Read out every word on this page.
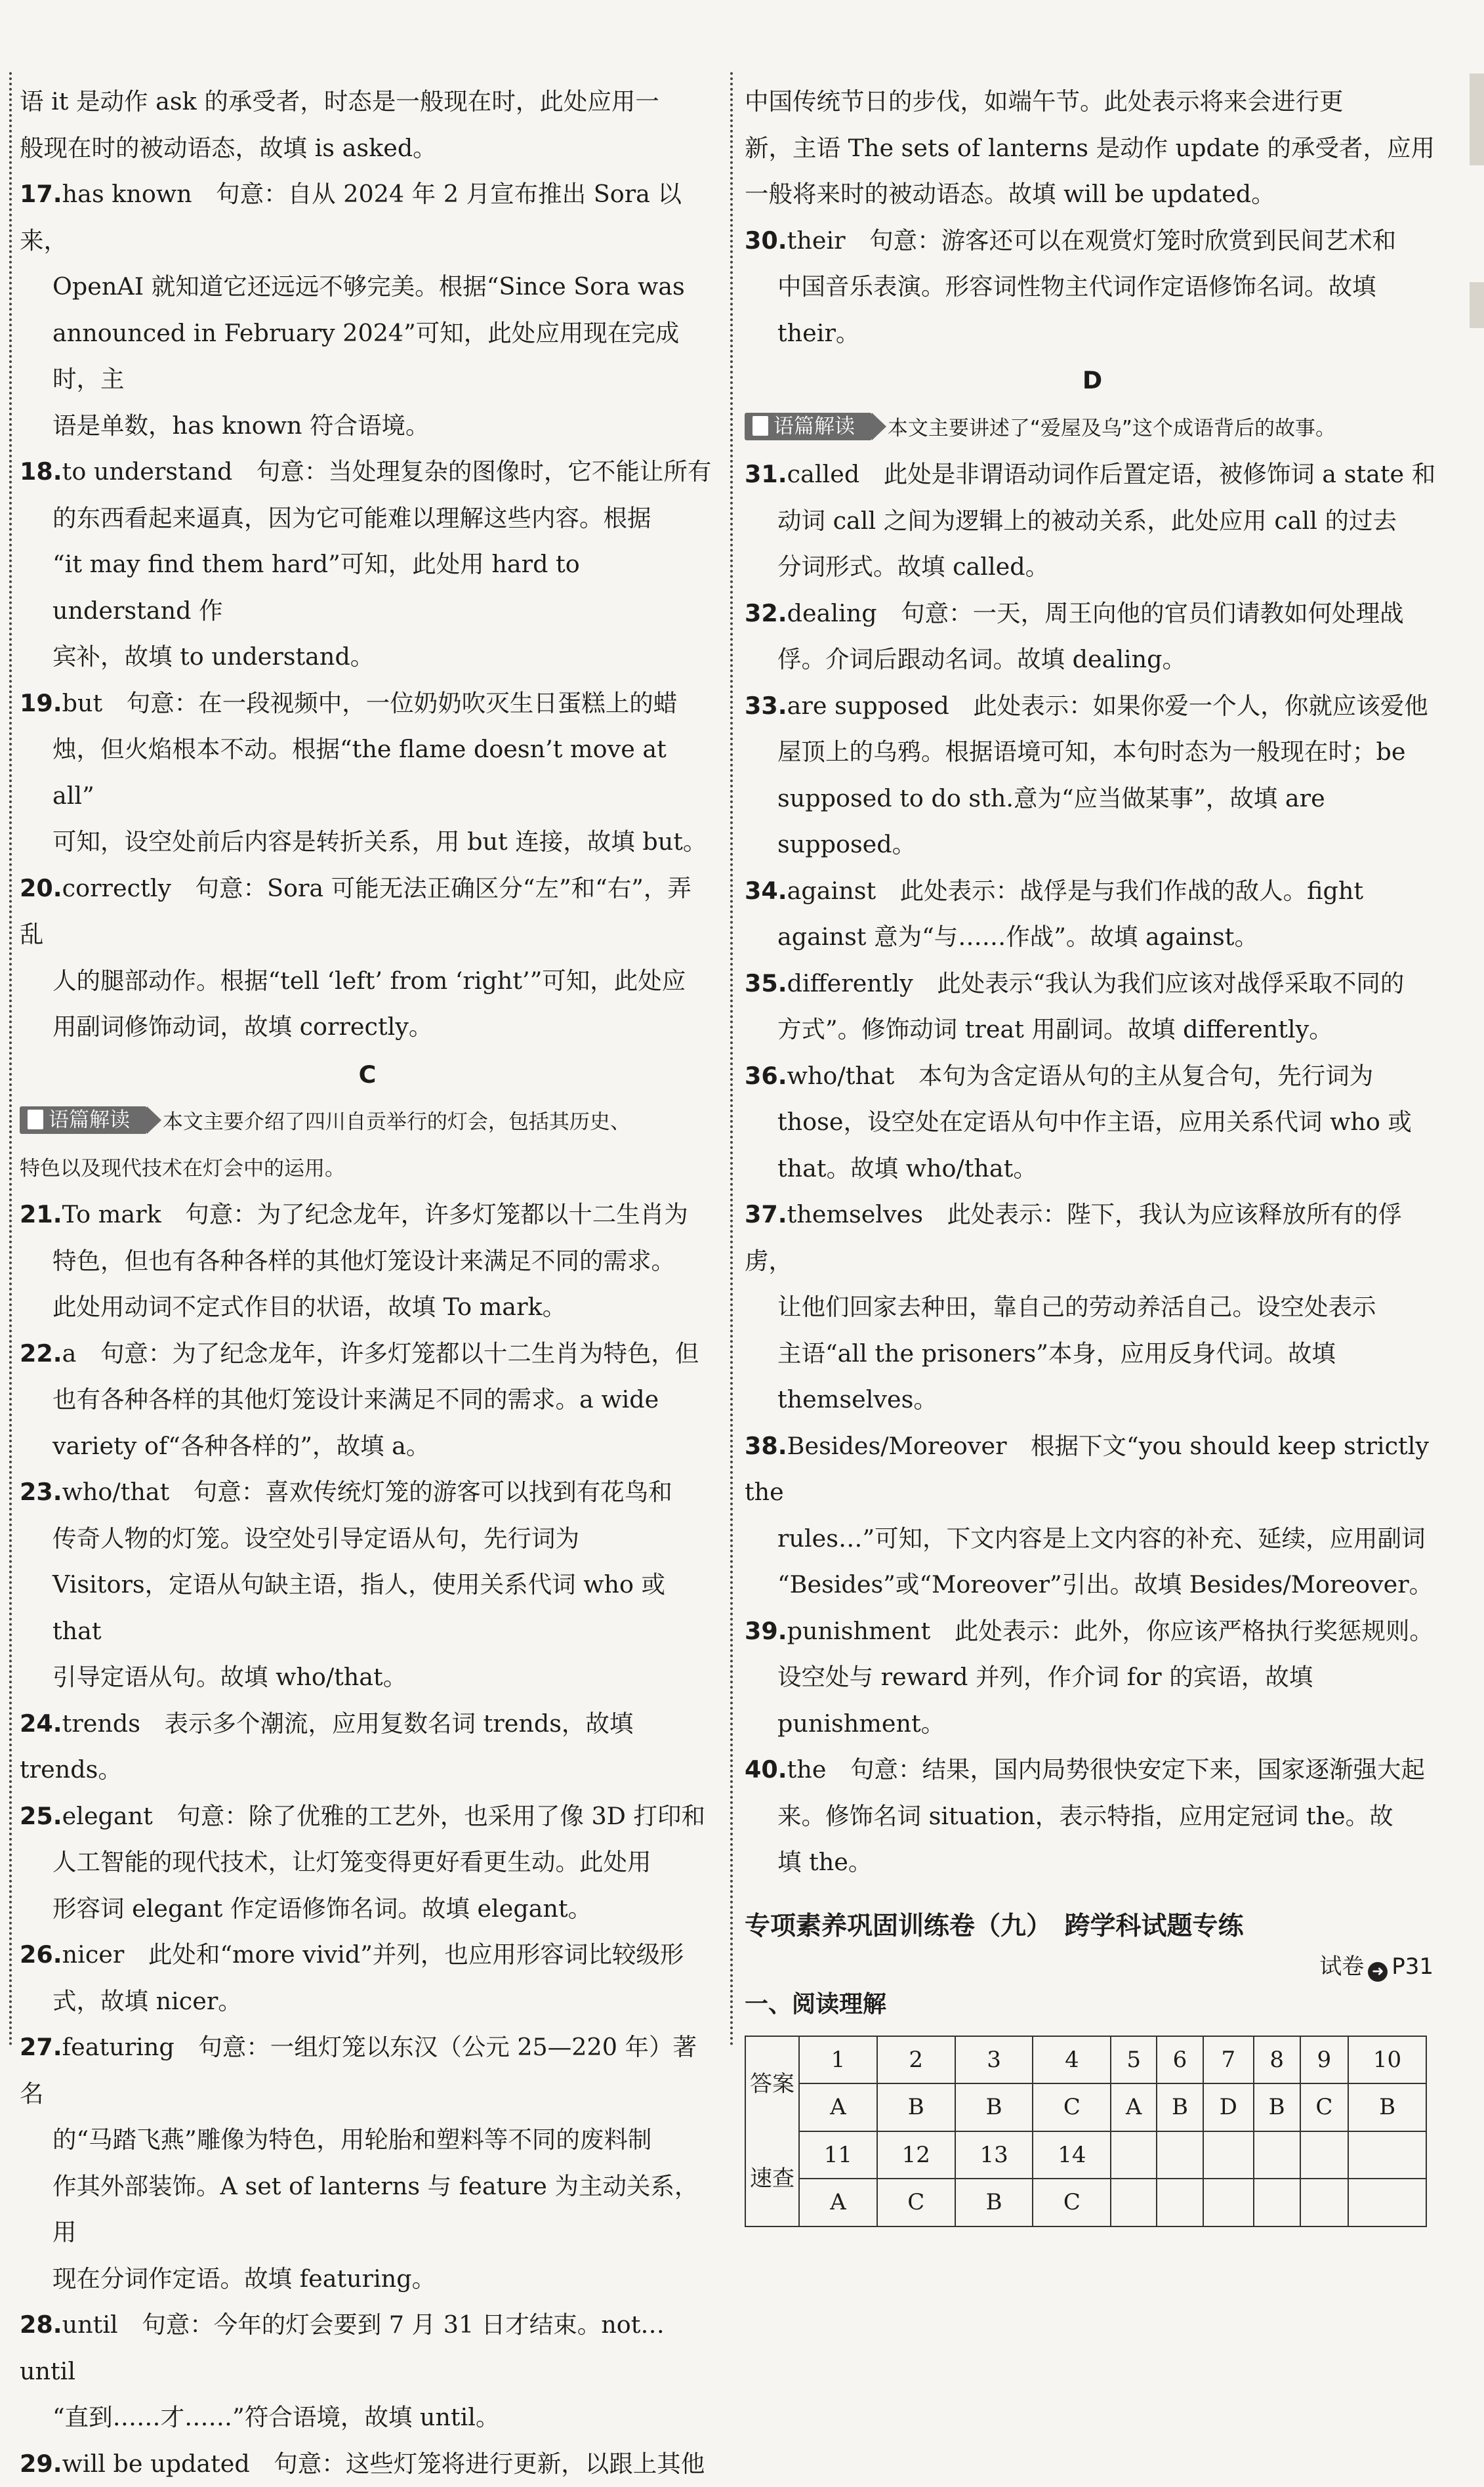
语 it 是动作 ask 的承受者，时态是一般现在时，此处应用一
般现在时的被动语态，故填 is asked。
17.has known  句意：自从 2024 年 2 月宣布推出 Sora 以来，
OpenAI 就知道它还远远不够完美。根据“Since Sora was
announced in February 2024”可知，此处应用现在完成时，主
语是单数，has known 符合语境。
18.to understand  句意：当处理复杂的图像时，它不能让所有
的东西看起来逼真，因为它可能难以理解这些内容。根据
“it may find them hard”可知，此处用 hard to understand 作
宾补，故填 to understand。
19.but  句意：在一段视频中，一位奶奶吹灭生日蛋糕上的蜡
烛，但火焰根本不动。根据“the flame doesn’t move at all”
可知，设空处前后内容是转折关系，用 but 连接，故填 but。
20.correctly  句意：Sora 可能无法正确区分“左”和“右”，弄乱
人的腿部动作。根据“tell ‘left’ from ‘right’”可知，此处应
用副词修饰动词，故填 correctly。
C
语篇解读 本文主要介绍了四川自贡举行的灯会，包括其历史、
特色以及现代技术在灯会中的运用。
21.To mark  句意：为了纪念龙年，许多灯笼都以十二生肖为
特色，但也有各种各样的其他灯笼设计来满足不同的需求。
此处用动词不定式作目的状语，故填 To mark。
22.a  句意：为了纪念龙年，许多灯笼都以十二生肖为特色，但
也有各种各样的其他灯笼设计来满足不同的需求。a wide
variety of“各种各样的”，故填 a。
23.who/that  句意：喜欢传统灯笼的游客可以找到有花鸟和
传奇人物的灯笼。设空处引导定语从句，先行词为
Visitors，定语从句缺主语，指人，使用关系代词 who 或 that
引导定语从句。故填 who/that。
24.trends  表示多个潮流，应用复数名词 trends，故填 trends。
25.elegant  句意：除了优雅的工艺外，也采用了像 3D 打印和
人工智能的现代技术，让灯笼变得更好看更生动。此处用
形容词 elegant 作定语修饰名词。故填 elegant。
26.nicer  此处和“more vivid”并列，也应用形容词比较级形
式，故填 nicer。
27.featuring  句意：一组灯笼以东汉（公元 25—220 年）著名
的“马踏飞燕”雕像为特色，用轮胎和塑料等不同的废料制
作其外部装饰。A set of lanterns 与 feature 为主动关系，用
现在分词作定语。故填 featuring。
28.until  句意：今年的灯会要到 7 月 31 日才结束。not…until
“直到……才……”符合语境，故填 until。
29.will be updated  句意：这些灯笼将进行更新，以跟上其他
中国传统节日的步伐，如端午节。此处表示将来会进行更
新，主语 The sets of lanterns 是动作 update 的承受者，应用
一般将来时的被动语态。故填 will be updated。
30.their  句意：游客还可以在观赏灯笼时欣赏到民间艺术和
中国音乐表演。形容词性物主代词作定语修饰名词。故填
their。
D
语篇解读 本文主要讲述了“爱屋及乌”这个成语背后的故事。
31.called  此处是非谓语动词作后置定语，被修饰词 a state 和
动词 call 之间为逻辑上的被动关系，此处应用 call 的过去
分词形式。故填 called。
32.dealing  句意：一天，周王向他的官员们请教如何处理战
俘。介词后跟动名词。故填 dealing。
33.are supposed  此处表示：如果你爱一个人，你就应该爱他
屋顶上的乌鸦。根据语境可知，本句时态为一般现在时；be
supposed to do sth.意为“应当做某事”，故填 are supposed。
34.against  此处表示：战俘是与我们作战的敌人。fight
against 意为“与……作战”。故填 against。
35.differently  此处表示“我认为我们应该对战俘采取不同的
方式”。修饰动词 treat 用副词。故填 differently。
36.who/that  本句为含定语从句的主从复合句，先行词为
those，设空处在定语从句中作主语，应用关系代词 who 或
that。故填 who/that。
37.themselves  此处表示：陛下，我认为应该释放所有的俘虏，
让他们回家去种田，靠自己的劳动养活自己。设空处表示
主语“all the prisoners”本身，应用反身代词。故填
themselves。
38.Besides/Moreover  根据下文“you should keep strictly the
rules…”可知，下文内容是上文内容的补充、延续，应用副词
“Besides”或“Moreover”引出。故填 Besides/Moreover。
39.punishment  此处表示：此外，你应该严格执行奖惩规则。
设空处与 reward 并列，作介词 for 的宾语，故填 punishment。
40.the  句意：结果，国内局势很快安定下来，国家逐渐强大起
来。修饰名词 situation，表示特指，应用定冠词 the。故
填 the。
专项素养巩固训练卷（九）　跨学科试题专练
试卷 ➜ P31
一、阅读理解
答案	1	2	3	4	5	6	7	8	9	10
	A	B	B	C	A	B	D	B	C	B
速查	11	12	13	14						
	A	C	B	C						
